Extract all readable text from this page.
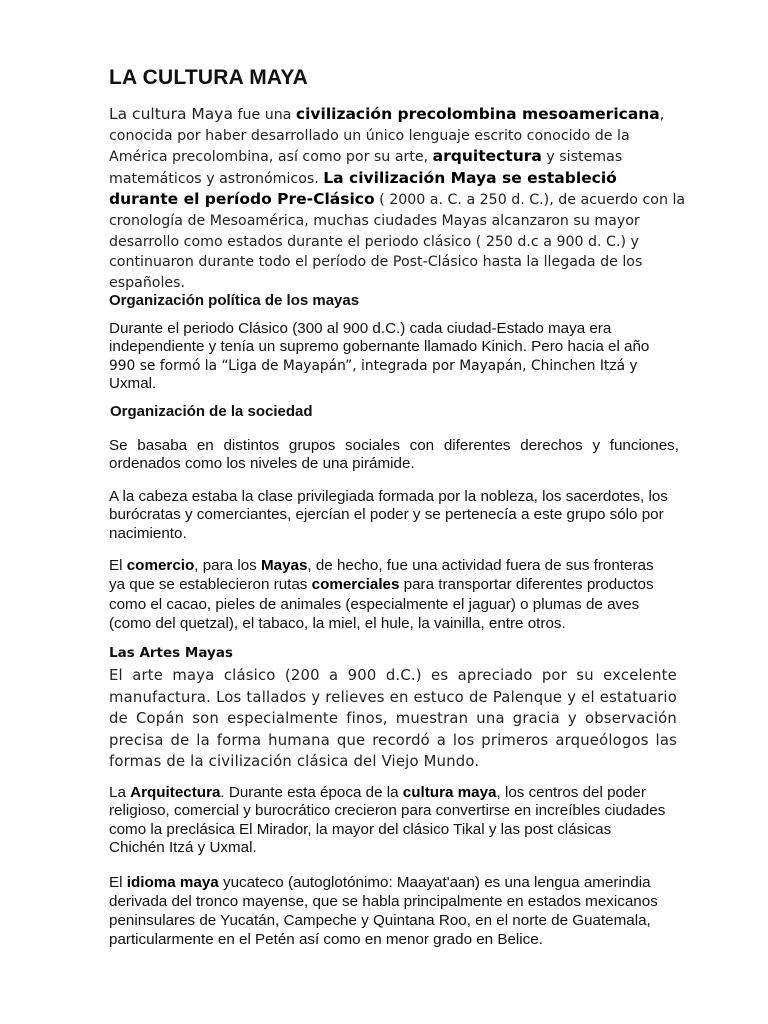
LA CULTURA MAYA

La cultura Maya fue una civilización precolombina mesoamericana, conocida por haber desarrollado un único lenguaje escrito conocido de la América precolombina, así como por su arte, arquitectura y sistemas matemáticos y astronómicos. La civilización Maya se estableció durante el período Pre-Clásico ( 2000 a. C. a 250 d. C.), de acuerdo con la cronología de Mesoamérica, muchas ciudades Mayas alcanzaron su mayor desarrollo como estados durante el periodo clásico ( 250 d.c a 900 d. C.) y continuaron durante todo el período de Post-Clásico hasta la llegada de los españoles.

Organización política de los mayas

Durante el periodo Clásico (300 al 900 d.C.) cada ciudad-Estado maya era independiente y tenía un supremo gobernante llamado Kinich. Pero hacia el año 990 se formó la “Liga de Mayapán”, integrada por Mayapán, Chinchen Itzá y Uxmal.

Organización de la sociedad

Se basaba en distintos grupos sociales con diferentes derechos y funciones, ordenados como los niveles de una pirámide.

A la cabeza estaba la clase privilegiada formada por la nobleza, los sacerdotes, los burócratas y comerciantes, ejercían el poder y se pertenecía a este grupo sólo por nacimiento.

El comercio, para los Mayas, de hecho, fue una actividad fuera de sus fronteras ya que se establecieron rutas comerciales para transportar diferentes productos como el cacao, pieles de animales (especialmente el jaguar) o plumas de aves (como del quetzal), el tabaco, la miel, el hule, la vainilla, entre otros.

Las Artes Mayas

El arte maya clásico (200 a 900 d.C.) es apreciado por su excelente manufactura. Los tallados y relieves en estuco de Palenque y el estatuario de Copán son especialmente finos, muestran una gracia y observación precisa de la forma humana que recordó a los primeros arqueólogos las formas de la civilización clásica del Viejo Mundo.

La Arquitectura. Durante esta época de la cultura maya, los centros del poder religioso, comercial y burocrático crecieron para convertirse en increíbles ciudades como la preclásica El Mirador, la mayor del clásico Tikal y las post clásicas Chichén Itzá y Uxmal.

El idioma maya yucateco (autoglotónimo: Maayat'aan) es una lengua amerindia derivada del tronco mayense, que se habla principalmente en estados mexicanos peninsulares de Yucatán, Campeche y Quintana Roo, en el norte de Guatemala, particularmente en el Petén así como en menor grado en Belice.
